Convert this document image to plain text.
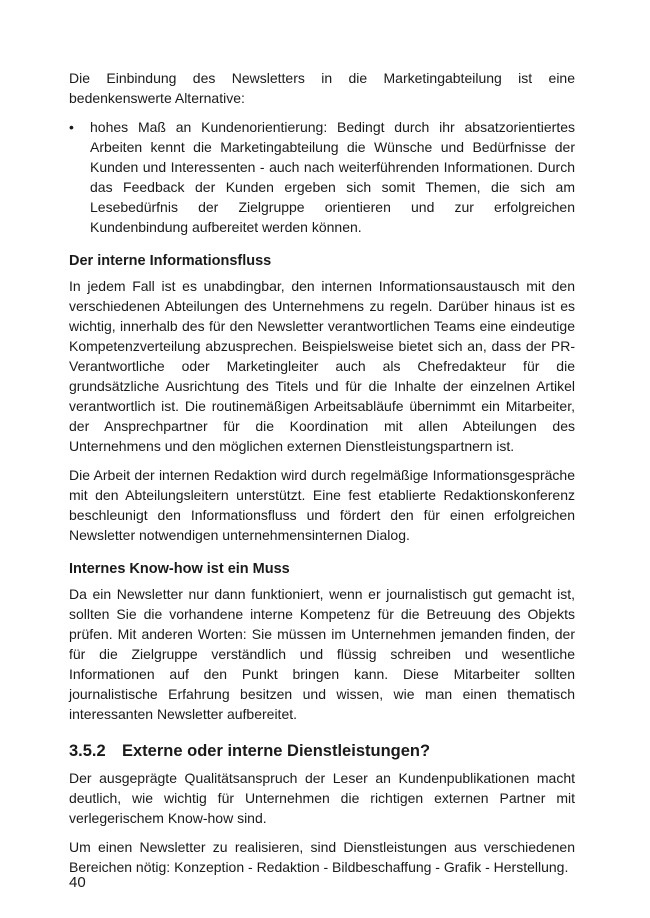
Die Einbindung des Newsletters in die Marketingabteilung ist eine bedenkenswerte Alternative:

•	hohes Maß an Kundenorientierung: Bedingt durch ihr absatzorientiertes Arbeiten kennt die Marketingabteilung die Wünsche und Bedürfnisse der Kunden und Interessenten - auch nach weiterführenden Informationen. Durch das Feedback der Kunden ergeben sich somit Themen, die sich am Lesebedürfnis der Zielgruppe orientieren und zur erfolgreichen Kundenbindung aufbereitet werden können.

Der interne Informationsfluss

In jedem Fall ist es unabdingbar, den internen Informationsaustausch mit den verschiedenen Abteilungen des Unternehmens zu regeln. Darüber hinaus ist es wichtig, innerhalb des für den Newsletter verantwortlichen Teams eine eindeutige Kompetenzverteilung abzusprechen. Beispielsweise bietet sich an, dass der PR-Verantwortliche oder Marketingleiter auch als Chefredakteur für die grundsätzliche Ausrichtung des Titels und für die Inhalte der einzelnen Artikel verantwortlich ist. Die routinemäßigen Arbeitsabläufe übernimmt ein Mitarbeiter, der Ansprechpartner für die Koordination mit allen Abteilungen des Unternehmens und den möglichen externen Dienstleistungspartnern ist.

Die Arbeit der internen Redaktion wird durch regelmäßige Informationsgespräche mit den Abteilungsleitern unterstützt. Eine fest etablierte Redaktionskonferenz beschleunigt den Informationsfluss und fördert den für einen erfolgreichen Newsletter notwendigen unternehmensinternen Dialog.

Internes Know-how ist ein Muss

Da ein Newsletter nur dann funktioniert, wenn er journalistisch gut gemacht ist, sollten Sie die vorhandene interne Kompetenz für die Betreuung des Objekts prüfen. Mit anderen Worten: Sie müssen im Unternehmen jemanden finden, der für die Zielgruppe verständlich und flüssig schreiben und wesentliche Informationen auf den Punkt bringen kann. Diese Mitarbeiter sollten journalistische Erfahrung besitzen und wissen, wie man einen thematisch interessanten Newsletter aufbereitet.

3.5.2 Externe oder interne Dienstleistungen?

Der ausgeprägte Qualitätsanspruch der Leser an Kundenpublikationen macht deutlich, wie wichtig für Unternehmen die richtigen externen Partner mit verlegerischem Know-how sind.

Um einen Newsletter zu realisieren, sind Dienstleistungen aus verschiedenen Bereichen nötig: Konzeption - Redaktion - Bildbeschaffung - Grafik - Herstellung.

40
